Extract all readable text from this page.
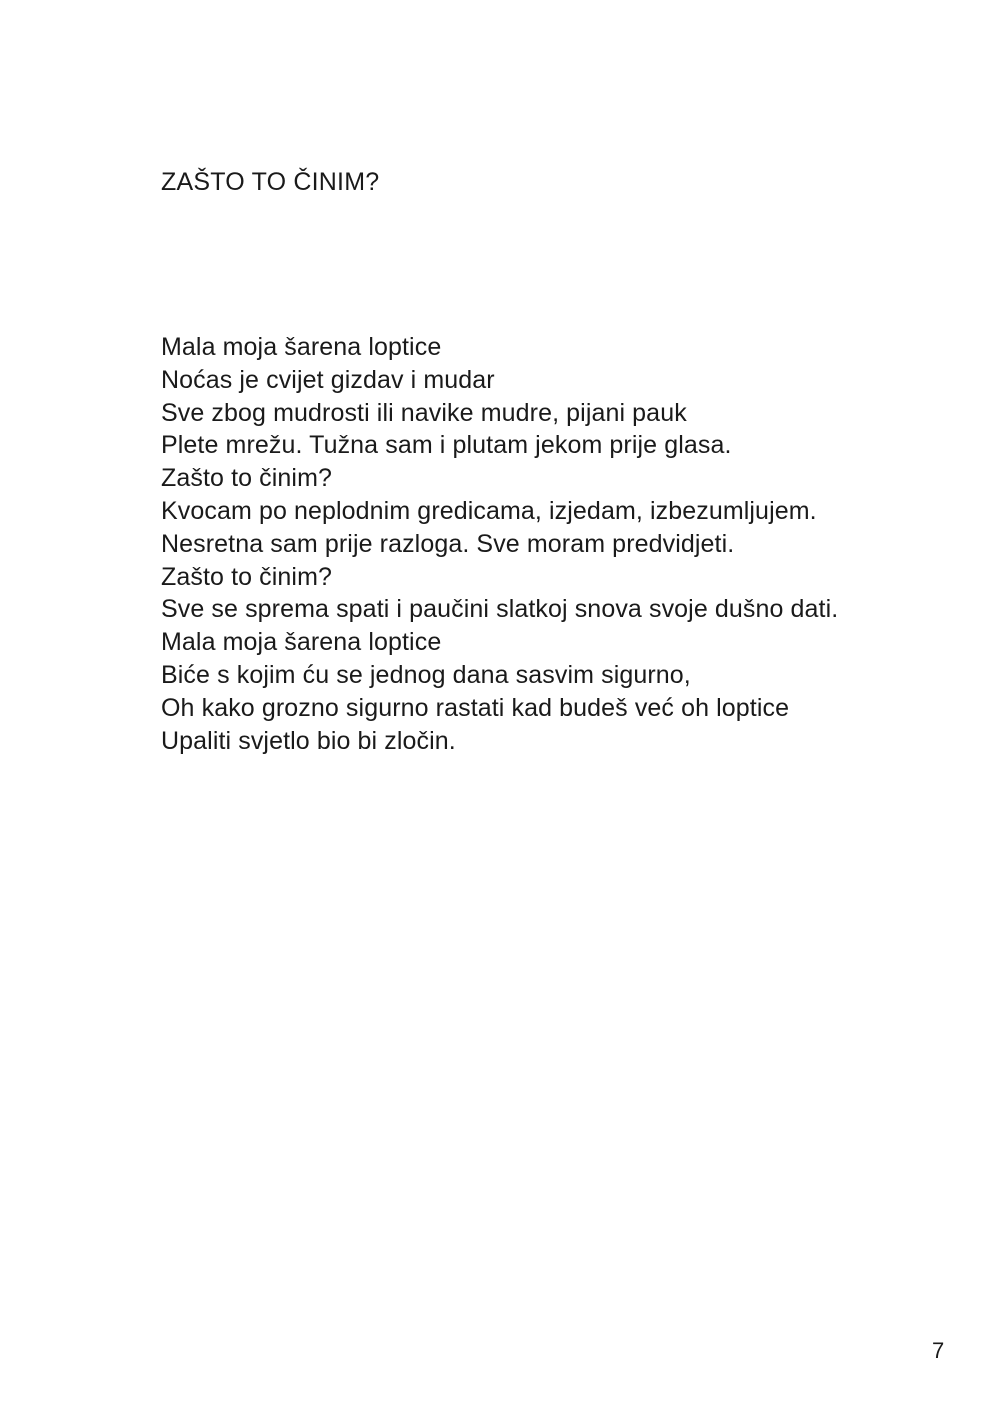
ZAŠTO TO ČINIM?
Mala moja šarena loptice
Noćas je cvijet gizdav i mudar
Sve zbog mudrosti ili navike mudre, pijani pauk
Plete mrežu. Tužna sam i plutam jekom prije glasa.
Zašto to činim?
Kvocam po neplodnim gredicama, izjedam, izbezumljujem.
Nesretna sam prije razloga. Sve moram predvidjeti.
Zašto to činim?
Sve se sprema spati i paučini slatkoj snova svoje dušno dati.
Mala moja šarena loptice
Biće s kojim ću se jednog dana sasvim sigurno,
Oh kako grozno sigurno rastati kad budeš već oh loptice
Upaliti svjetlo bio bi zločin.
7
